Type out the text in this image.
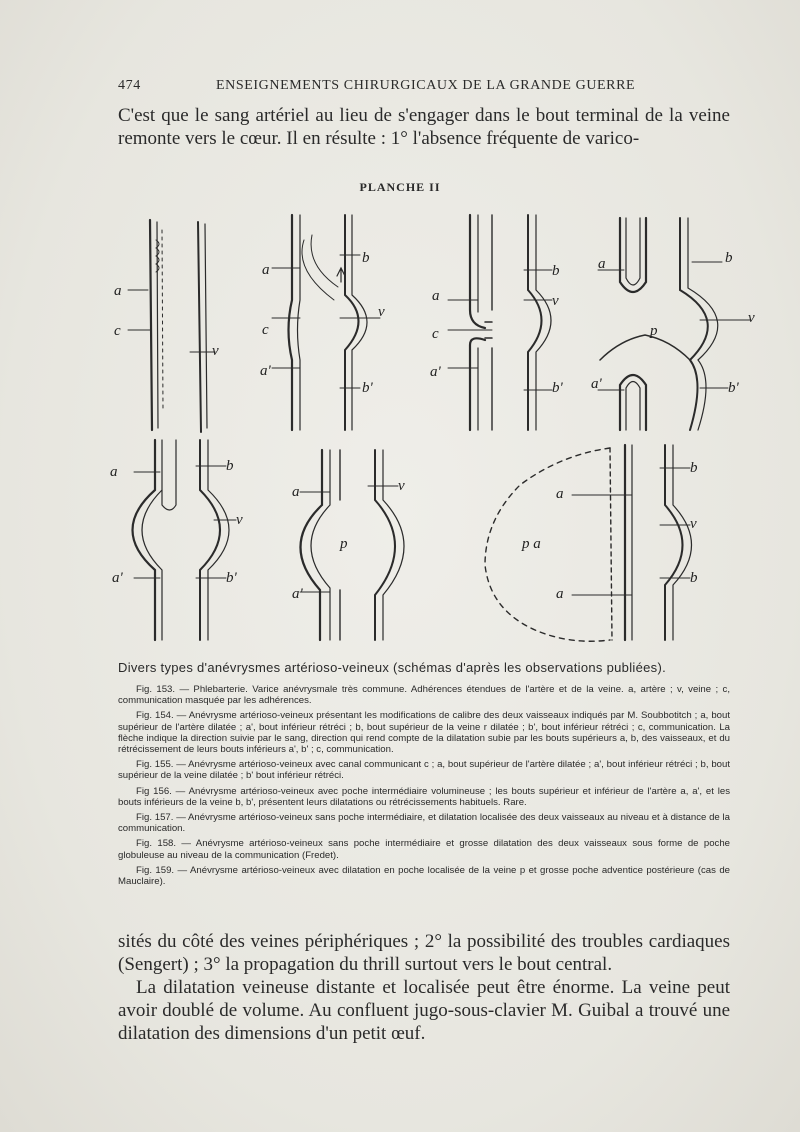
474	ENSEIGNEMENTS CHIRURGICAUX DE LA GRANDE GUERRE
C'est que le sang artériel au lieu de s'engager dans le bout terminal de la veine remonte vers le cœur. Il en résulte : 1° l'absence fréquente de varico-
PLANCHE II
a
c
v
a
c
a'
b
v
b'
a
c
a'
b
v
b'
a
a'
p
b
v
b'
a
a'
b
v
b'
a
a'
p
v
p a
a
a
b
v
b
Divers types d'anévrysmes artérioso-veineux (schémas d'après les observations publiées).

Fig. 153. — Phlebarterie. Varice anévrysmale très commune. Adhérences étendues de l'artère et de la veine. a, artère ; v, veine ; c, communication masquée par les adhérences.

Fig. 154. — Anévrysme artérioso-veineux présentant les modifications de calibre des deux vaisseaux indiqués par M. Soubbotitch ; a, bout supérieur de l'artère dilatée ; a', bout inférieur rétréci ; b, bout supérieur de la veine r dilatée ; b', bout inférieur rétréci ; c, communication. La flèche indique la direction suivie par le sang, direction qui rend compte de la dilatation subie par les bouts supérieurs a, b, des vaisseaux, et du rétrécissement de leurs bouts inférieurs a', b' ; c, communication.

Fig. 155. — Anévrysme artérioso-veineux avec canal communicant c ; a, bout supérieur de l'artère dilatée ; a', bout inférieur rétréci ; b, bout supérieur de la veine dilatée ; b' bout inférieur rétréci.

Fig 156. — Anévrysme artérioso-veineux avec poche intermédiaire volumineuse ; les bouts supérieur et inférieur de l'artère a, a', et les bouts inférieurs de la veine b, b', présentent leurs dilatations ou rétrécissements habituels. Rare.

Fig. 157. — Anévrysme artérioso-veineux sans poche intermédiaire, et dilatation localisée des deux vaisseaux au niveau et à distance de la communication.

Fig. 158. — Anévrysme artérioso-veineux sans poche intermédiaire et grosse dilatation des deux vaisseaux sous forme de poche globuleuse au niveau de la communication (Fredet).

Fig. 159. — Anévrysme artérioso-veineux avec dilatation en poche localisée de la veine p et grosse poche adventice postérieure (cas de Mauclaire).

sités du côté des veines périphériques ; 2° la possibilité des troubles cardiaques (Sengert) ; 3° la propagation du thrill surtout vers le bout central.

La dilatation veineuse distante et localisée peut être énorme. La veine peut avoir doublé de volume. Au confluent jugo-sous-clavier M. Guibal a trouvé une dilatation des dimensions d'un petit œuf.
